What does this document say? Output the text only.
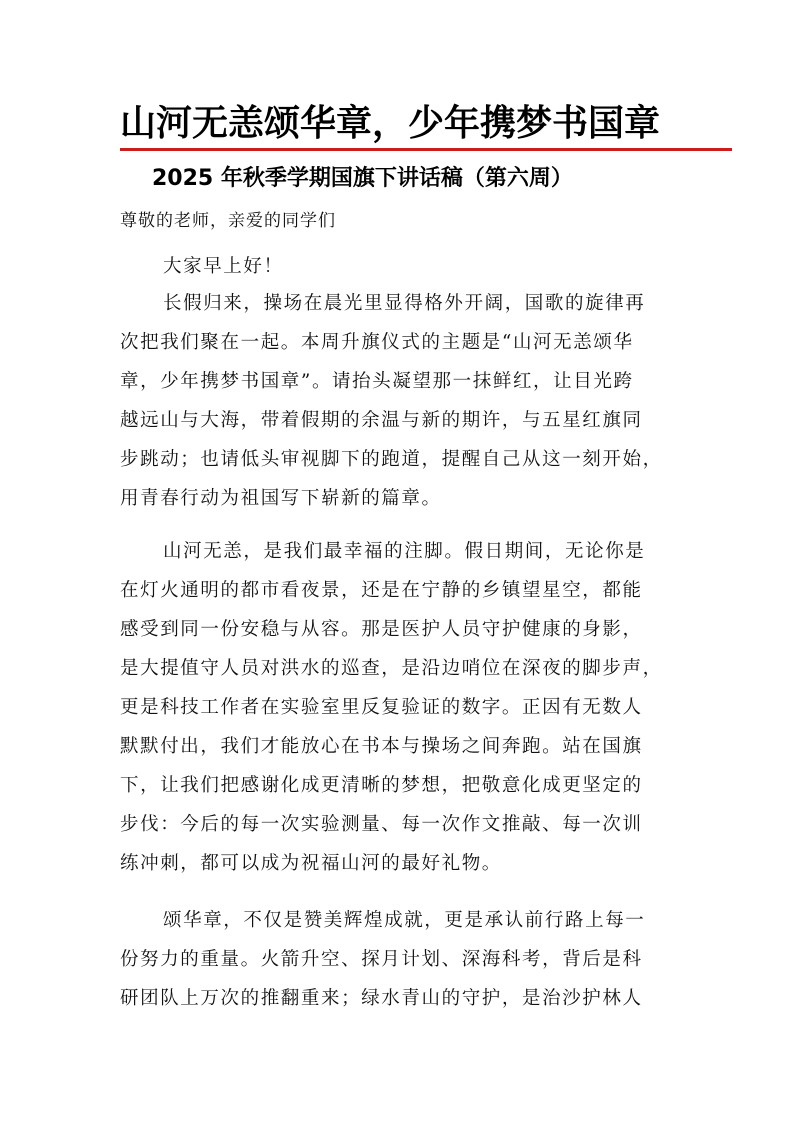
山河无恙颂华章，少年携梦书国章
2025 年秋季学期国旗下讲话稿（第六周）

尊敬的老师，亲爱的同学们

大家早上好！

长假归来，操场在晨光里显得格外开阔，国歌的旋律再

次把我们聚在一起。本周升旗仪式的主题是“山河无恙颂华

章，少年携梦书国章”。请抬头凝望那一抹鲜红，让目光跨

越远山与大海，带着假期的余温与新的期许，与五星红旗同

步跳动；也请低头审视脚下的跑道，提醒自己从这一刻开始，

用青春行动为祖国写下崭新的篇章。

山河无恙，是我们最幸福的注脚。假日期间，无论你是

在灯火通明的都市看夜景，还是在宁静的乡镇望星空，都能

感受到同一份安稳与从容。那是医护人员守护健康的身影，

是大提值守人员对洪水的巡查，是沿边哨位在深夜的脚步声，

更是科技工作者在实验室里反复验证的数字。正因有无数人

默默付出，我们才能放心在书本与操场之间奔跑。站在国旗

下，让我们把感谢化成更清晰的梦想，把敬意化成更坚定的

步伐：今后的每一次实验测量、每一次作文推敲、每一次训

练冲刺，都可以成为祝福山河的最好礼物。

颂华章，不仅是赞美辉煌成就，更是承认前行路上每一

份努力的重量。火箭升空、探月计划、深海科考，背后是科

研团队上万次的推翻重来；绿水青山的守护，是治沙护林人
